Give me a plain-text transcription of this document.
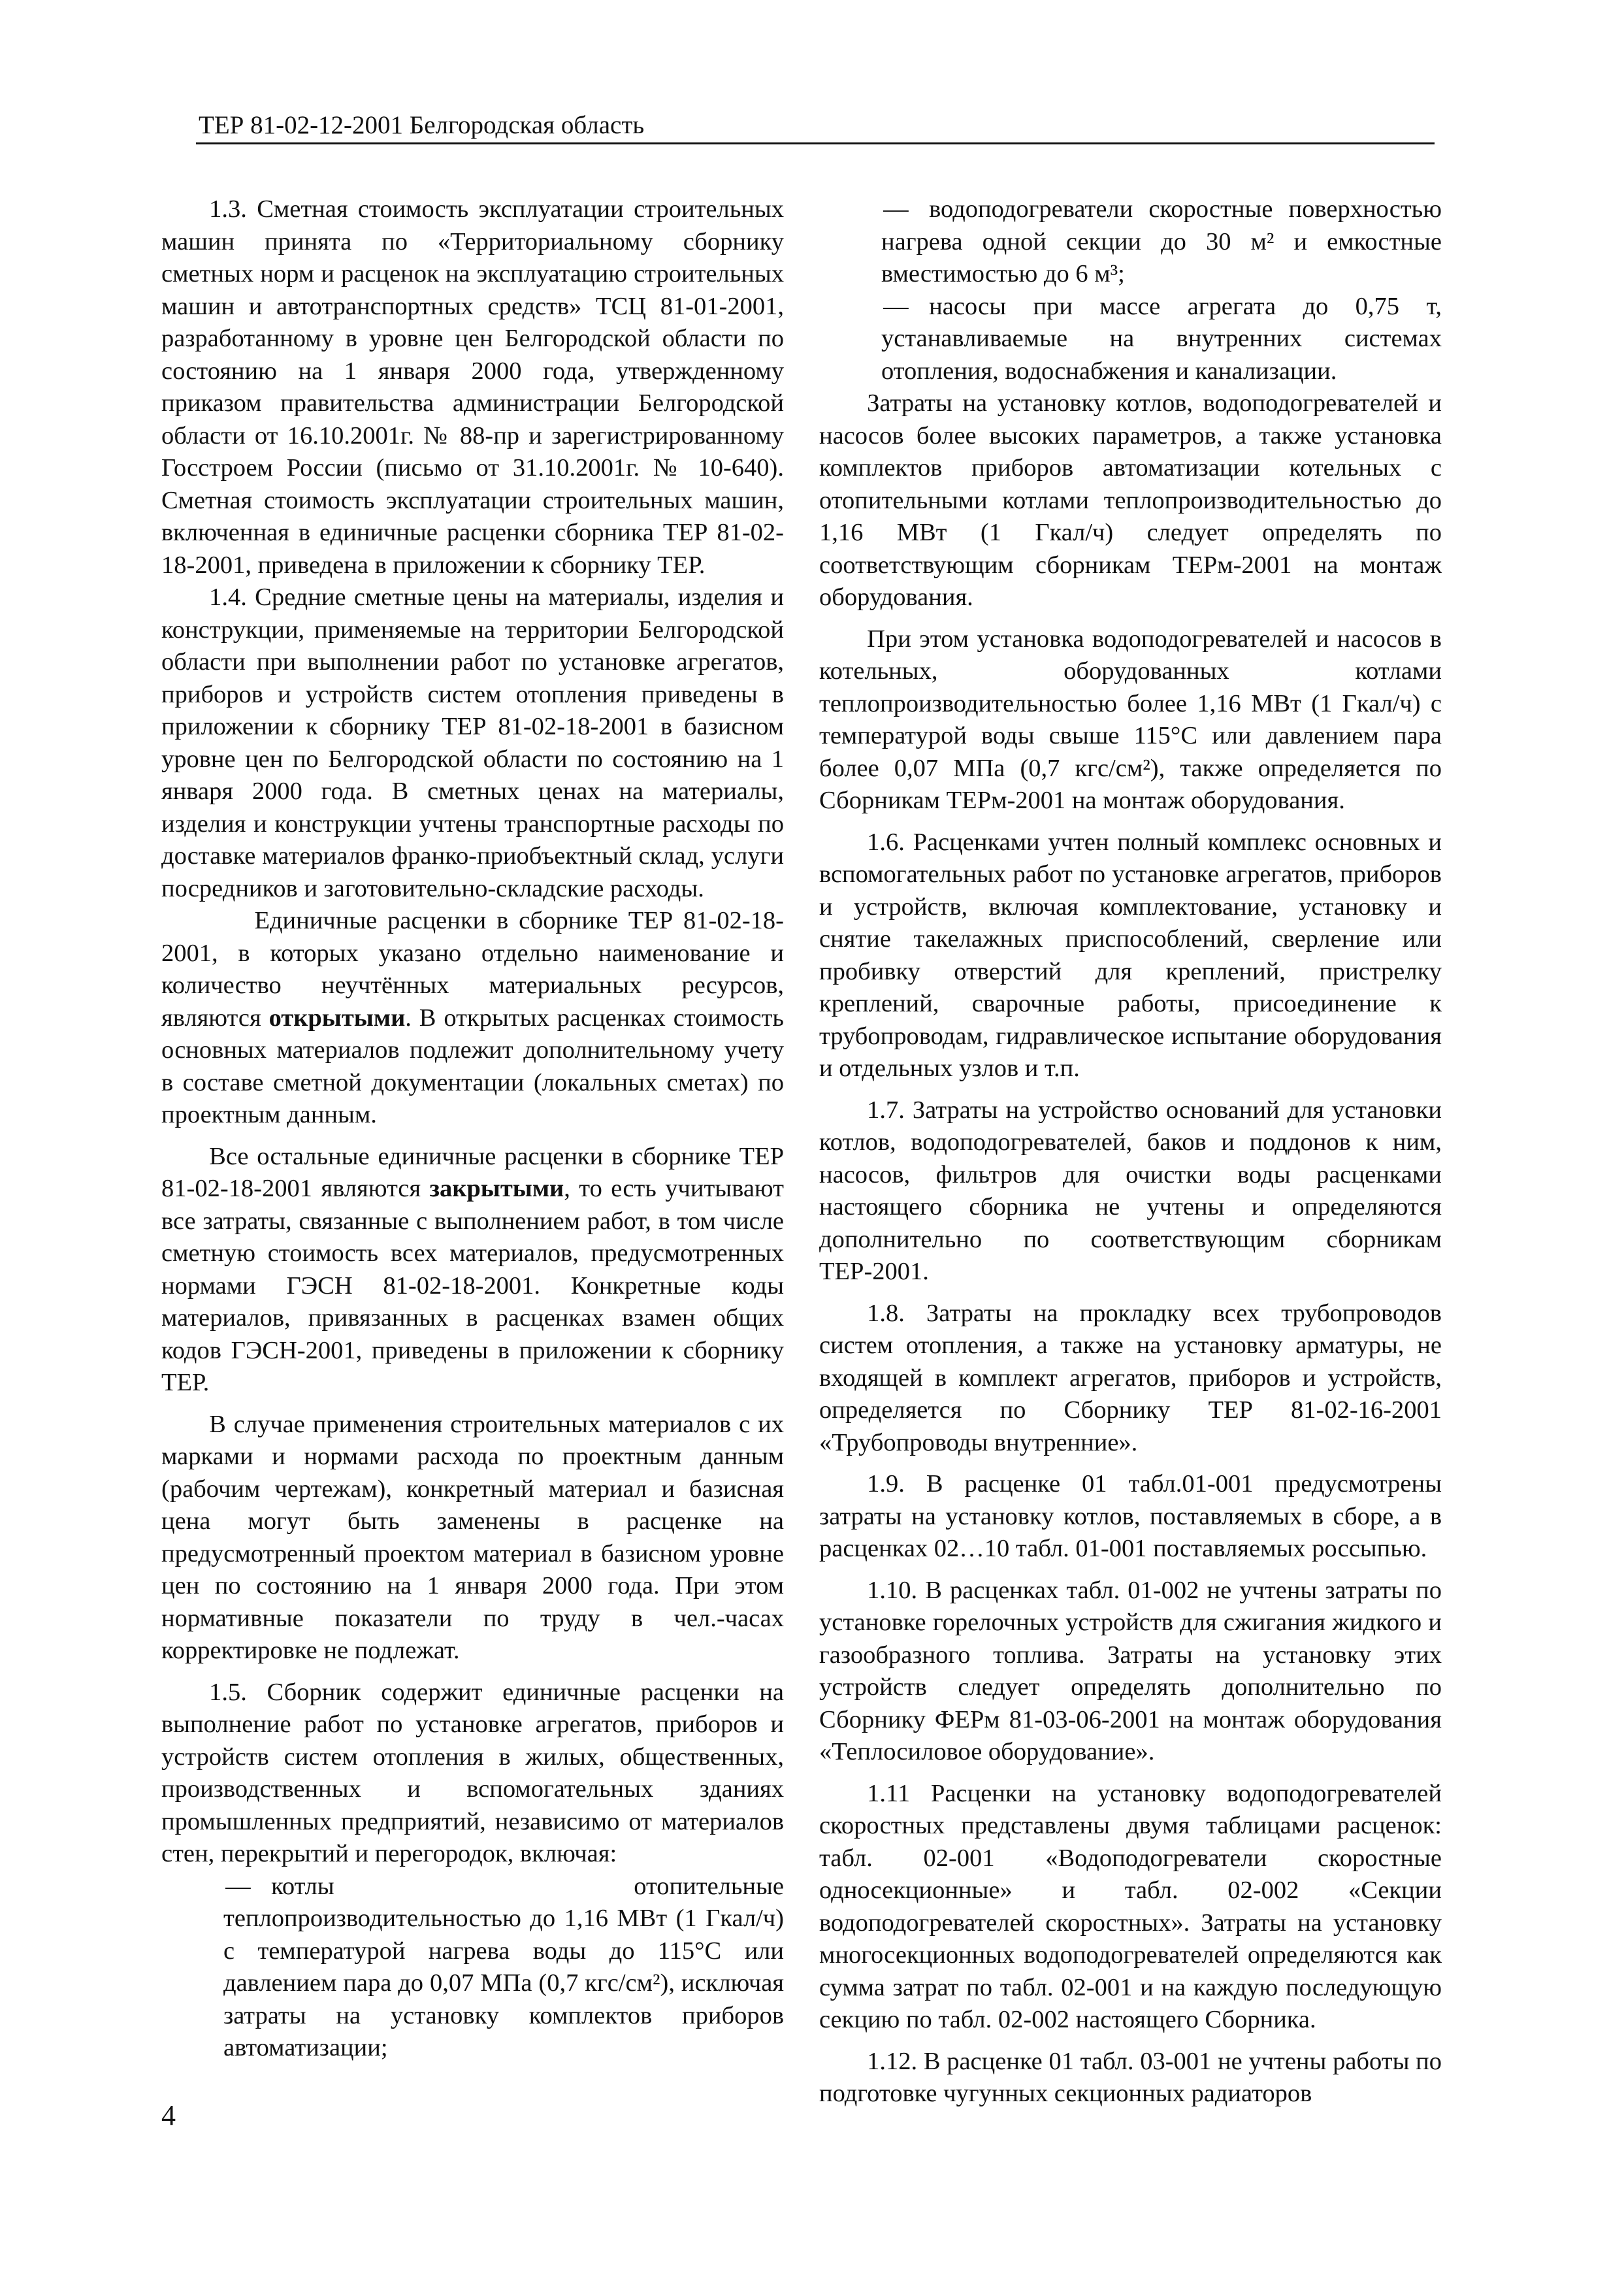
ТЕР 81-02-12-2001 Белгородская область

1.3. Сметная стоимость эксплуатации строительных машин принята по «Территориальному сборнику сметных норм и расценок на эксплуатацию строительных машин и автотранспортных средств» ТСЦ 81-01-2001, разработанному в уровне цен Белгородской области по состоянию на 1 января 2000 года, утвержденному приказом правительства администрации Белгородской области от 16.10.2001г. № 88-пр и зарегистрированному Госстроем России (письмо от 31.10.2001г. № 10-640). Сметная стоимость эксплуатации строительных машин, включенная в единичные расценки сборника ТЕР 81-02-18-2001, приведена в приложении к сборнику ТЕР.

1.4. Средние сметные цены на материалы, изделия и конструкции, применяемые на территории Белгородской области при выполнении работ по установке агрегатов, приборов и устройств систем отопления приведены в приложении к сборнику ТЕР 81-02-18-2001 в базисном уровне цен по Белгородской области по состоянию на 1 января 2000 года. В сметных ценах на материалы, изделия и конструкции учтены транспортные расходы по доставке материалов франко-приобъектный склад, услуги посредников и заготовительно-складские расходы.

Единичные расценки в сборнике ТЕР 81-02-18-2001, в которых указано отдельно наименование и количество неучтённых материальных ресурсов, являются открытыми. В открытых расценках стоимость основных материалов подлежит дополнительному учету в составе сметной документации (локальных сметах) по проектным данным.

Все остальные единичные расценки в сборнике ТЕР 81-02-18-2001 являются закрытыми, то есть учитывают все затраты, связанные с выполнением работ, в том числе сметную стоимость всех материалов, предусмотренных нормами ГЭСН 81-02-18-2001. Конкретные коды материалов, привязанных в расценках взамен общих кодов ГЭСН-2001, приведены в приложении к сборнику ТЕР.

В случае применения строительных материалов с их марками и нормами расхода по проектным данным (рабочим чертежам), конкретный материал и базисная цена могут быть заменены в расценке на предусмотренный проектом материал в базисном уровне цен по состоянию на 1 января 2000 года. При этом нормативные показатели по труду в чел.-часах корректировке не подлежат.

1.5. Сборник содержит единичные расценки на выполнение работ по установке агрегатов, приборов и устройств систем отопления в жилых, общественных, производственных и вспомогательных зданиях промышленных предприятий, независимо от материалов стен, перекрытий и перегородок, включая:

— котлы отопительные теплопроизводительностью до 1,16 МВт (1 Гкал/ч) с температурой нагрева воды до 115°С или давлением пара до 0,07 МПа (0,7 кгс/см²), исключая затраты на установку комплектов приборов автоматизации;

— водоподогреватели скоростные поверхностью нагрева одной секции до 30 м² и емкостные вместимостью до 6 м³;

— насосы при массе агрегата до 0,75 т, устанавливаемые на внутренних системах отопления, водоснабжения и канализации.

Затраты на установку котлов, водоподогревателей и насосов более высоких параметров, а также установка комплектов приборов автоматизации котельных с отопительными котлами теплопроизводительностью до 1,16 МВт (1 Гкал/ч) следует определять по соответствующим сборникам ТЕРм-2001 на монтаж оборудования.

При этом установка водоподогревателей и насосов в котельных, оборудованных котлами теплопроизводительностью более 1,16 МВт (1 Гкал/ч) с температурой воды свыше 115°С или давлением пара более 0,07 МПа (0,7 кгс/см²), также определяется по Сборникам ТЕРм-2001 на монтаж оборудования.

1.6. Расценками учтен полный комплекс основных и вспомогательных работ по установке агрегатов, приборов и устройств, включая комплектование, установку и снятие такелажных приспособлений, сверление или пробивку отверстий для креплений, пристрелку креплений, сварочные работы, присоединение к трубопроводам, гидравлическое испытание оборудования и отдельных узлов и т.п.

1.7. Затраты на устройство оснований для установки котлов, водоподогревателей, баков и поддонов к ним, насосов, фильтров для очистки воды расценками настоящего сборника не учтены и определяются дополнительно по соответствующим сборникам ТЕР-2001.

1.8. Затраты на прокладку всех трубопроводов систем отопления, а также на установку арматуры, не входящей в комплект агрегатов, приборов и устройств, определяется по Сборнику ТЕР 81-02-16-2001 «Трубопроводы внутренние».

1.9. В расценке 01 табл.01-001 предусмотрены затраты на установку котлов, поставляемых в сборе, а в расценках 02…10 табл. 01-001 поставляемых россыпью.

1.10. В расценках табл. 01-002 не учтены затраты по установке горелочных устройств для сжигания жидкого и газообразного топлива. Затраты на установку этих устройств следует определять дополнительно по Сборнику ФЕРм 81-03-06-2001 на монтаж оборудования «Теплосиловое оборудование».

1.11 Расценки на установку водоподогревателей скоростных представлены двумя таблицами расценок: табл. 02-001 «Водоподогреватели скоростные односекционные» и табл. 02-002 «Секции водоподогревателей скоростных». Затраты на установку многосекционных водоподогревателей определяются как сумма затрат по табл. 02-001 и на каждую последующую секцию по табл. 02-002 настоящего Сборника.

1.12. В расценке 01 табл. 03-001 не учтены работы по подготовке чугунных секционных радиаторов

4
